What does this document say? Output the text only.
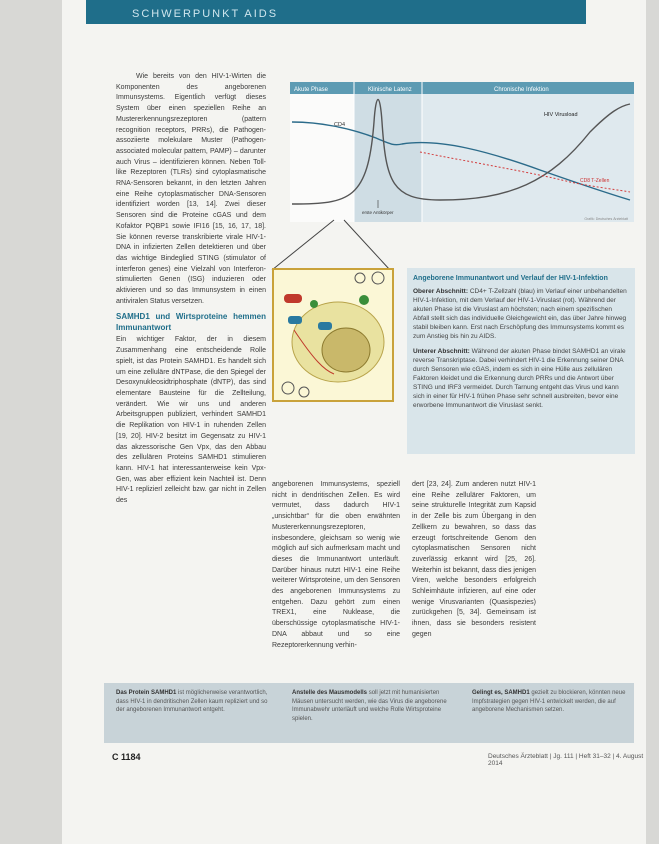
SCHWERPUNKT AIDS

Wie bereits von den HIV-1-Wirten die Komponenten des angeborenen Immunsystems. Eigentlich verfügt dieses System über einen speziellen Reihe an Mustererkennungsrezeptoren (pattern recognition receptors, PRRs), die Pathogen-assoziierte molekulare Muster (Pathogen-associated molecular pattern, PAMP) – darunter auch Virus – identifizieren können. Neben Toll-like Rezeptoren (TLRs) sind cytoplasmatische RNA-Sensoren bekannt, in den letzten Jahren eine Reihe cytoplasmatischer DNA-Sensoren identifiziert worden [13, 14]. Zwei dieser Sensoren sind die Proteine cGAS und dem Kofaktor PQBP1 sowie IFI16 [15, 16, 17, 18]. Sie können reverse transkribierte virale HIV-1-DNA in infizierten Zellen detektieren und über das wichtige Bindeglied STING (stimulator of interferon genes) eine Vielzahl von Interferon-stimulierten Genen (ISG) induzieren oder aktivieren und so das Immunsystem in einen antiviralen Status versetzen.

SAMHD1 und Wirtsproteine hemmen Immunantwort

Ein wichtiger Faktor, der in diesem Zusammenhang eine entscheidende Rolle spielt, ist das Protein SAMHD1. Es handelt sich um eine zelluläre dNTPase, die den Spiegel der Desoxynukleosidtriphosphate (dNTP), das sind elementare Bausteine für die Zellteilung, verändert. Wie wir uns und anderen Arbeitsgruppen publiziert, verhindert SAMHD1 die Replikation von HIV-1 in ruhenden Zellen [19, 20]. HIV-2 besitzt im Gegensatz zu HIV-1 das akzessorische Gen Vpx, das den Abbau des zellulären Proteins SAMHD1 stimulieren kann. HIV-1 hat interessanterweise kein Vpx-Gen, was aber effizient kein Nachteil ist. Denn HIV-1 replizierl zelleicht bzw. gar nicht in Zellen des

Akute Phase	Klinische Latenz	Chronische Infektion
CD4
HIV Virusload
CD8 T-Zellen
erste Antikörper
Grafik: Deutsches Ärzteblatt
Angeborene Immunantwort und Verlauf der HIV-1-Infektion

Oberer Abschnitt: CD4+ T-Zellzahl (blau) im Verlauf einer unbehandelten HIV-1-Infektion, mit dem Verlauf der HIV-1-Viruslast (rot). Während der akuten Phase ist die Viruslast am höchsten; nach einem spezifischen Abfall stellt sich das individuelle Gleichgewicht ein, das über Jahre hinweg stabil bleiben kann. Erst nach Erschöpfung des Immunsystems kommt es zum Anstieg bis hin zu AIDS.

Unterer Abschnitt: Während der akuten Phase bindet SAMHD1 an virale reverse Transkriptase. Dabei verhindert HIV-1 die Erkennung seiner DNA durch Sensoren wie cGAS, indem es sich in eine Hülle aus zellulären Faktoren kleidet und die Erkennung durch PRRs und die Antwort über STING und IRF3 vermeidet. Durch Tarnung entgeht das Virus und kann sich in einer für HIV-1 frühen Phase sehr schnell ausbreiten, bevor eine erworbene Immunantwort die Viruslast senkt.

angeborenen Immunsystems, speziell nicht in dendritischen Zellen. Es wird vermutet, dass dadurch HIV-1 „unsichtbar“ für die oben erwähnten Mustererkennungsrezeptoren, insbesondere, gleichsam so wenig wie möglich auf sich aufmerksam macht und dieses die Immunantwort unterläuft. Darüber hinaus nutzt HIV-1 eine Reihe weiterer Wirtsproteine, um den Sensoren des angeborenen Immunsystems zu entgehen. Dazu gehört zum einen TREX1, eine Nuklease, die überschüssige cytoplasmatische HIV-1-DNA abbaut und so eine Rezeptorerkennung verhin-

dert [23, 24]. Zum anderen nutzt HIV-1 eine Reihe zellulärer Faktoren, um seine strukturelle Integrität zum Kapsid in der Zelle bis zum Übergang in den Zellkern zu bewahren, so dass das erzeugt fortschreitende Genom den cytoplasmatischen Sensoren nicht zuverlässig erkannt wird [25, 26]. Weiterhin ist bekannt, dass dies jenigen Viren, welche besonders erfolgreich Schleimhäute infizieren, auf eine oder wenige Virusvarianten (Quasispezies) zurückgehen [5, 34]. Gemeinsam ist ihnen, dass sie besonders resistent gegen

Das Protein SAMHD1 ist möglicherweise verantwortlich, dass HIV-1 in dendritischen Zellen kaum repliziert und so der angeborenen Immunantwort entgeht.
Anstelle des Mausmodells soll jetzt mit humanisierten Mäusen untersucht werden, wie das Virus die angeborene Immunabwehr unterläuft und welche Rolle Wirtsproteine spielen.
Gelingt es, SAMHD1 gezielt zu blockieren, könnten neue Impfstrategien gegen HIV-1 entwickelt werden, die auf angeborene Mechanismen setzen.
C 1184	Deutsches Ärzteblatt | Jg. 111 | Heft 31–32 | 4. August 2014
